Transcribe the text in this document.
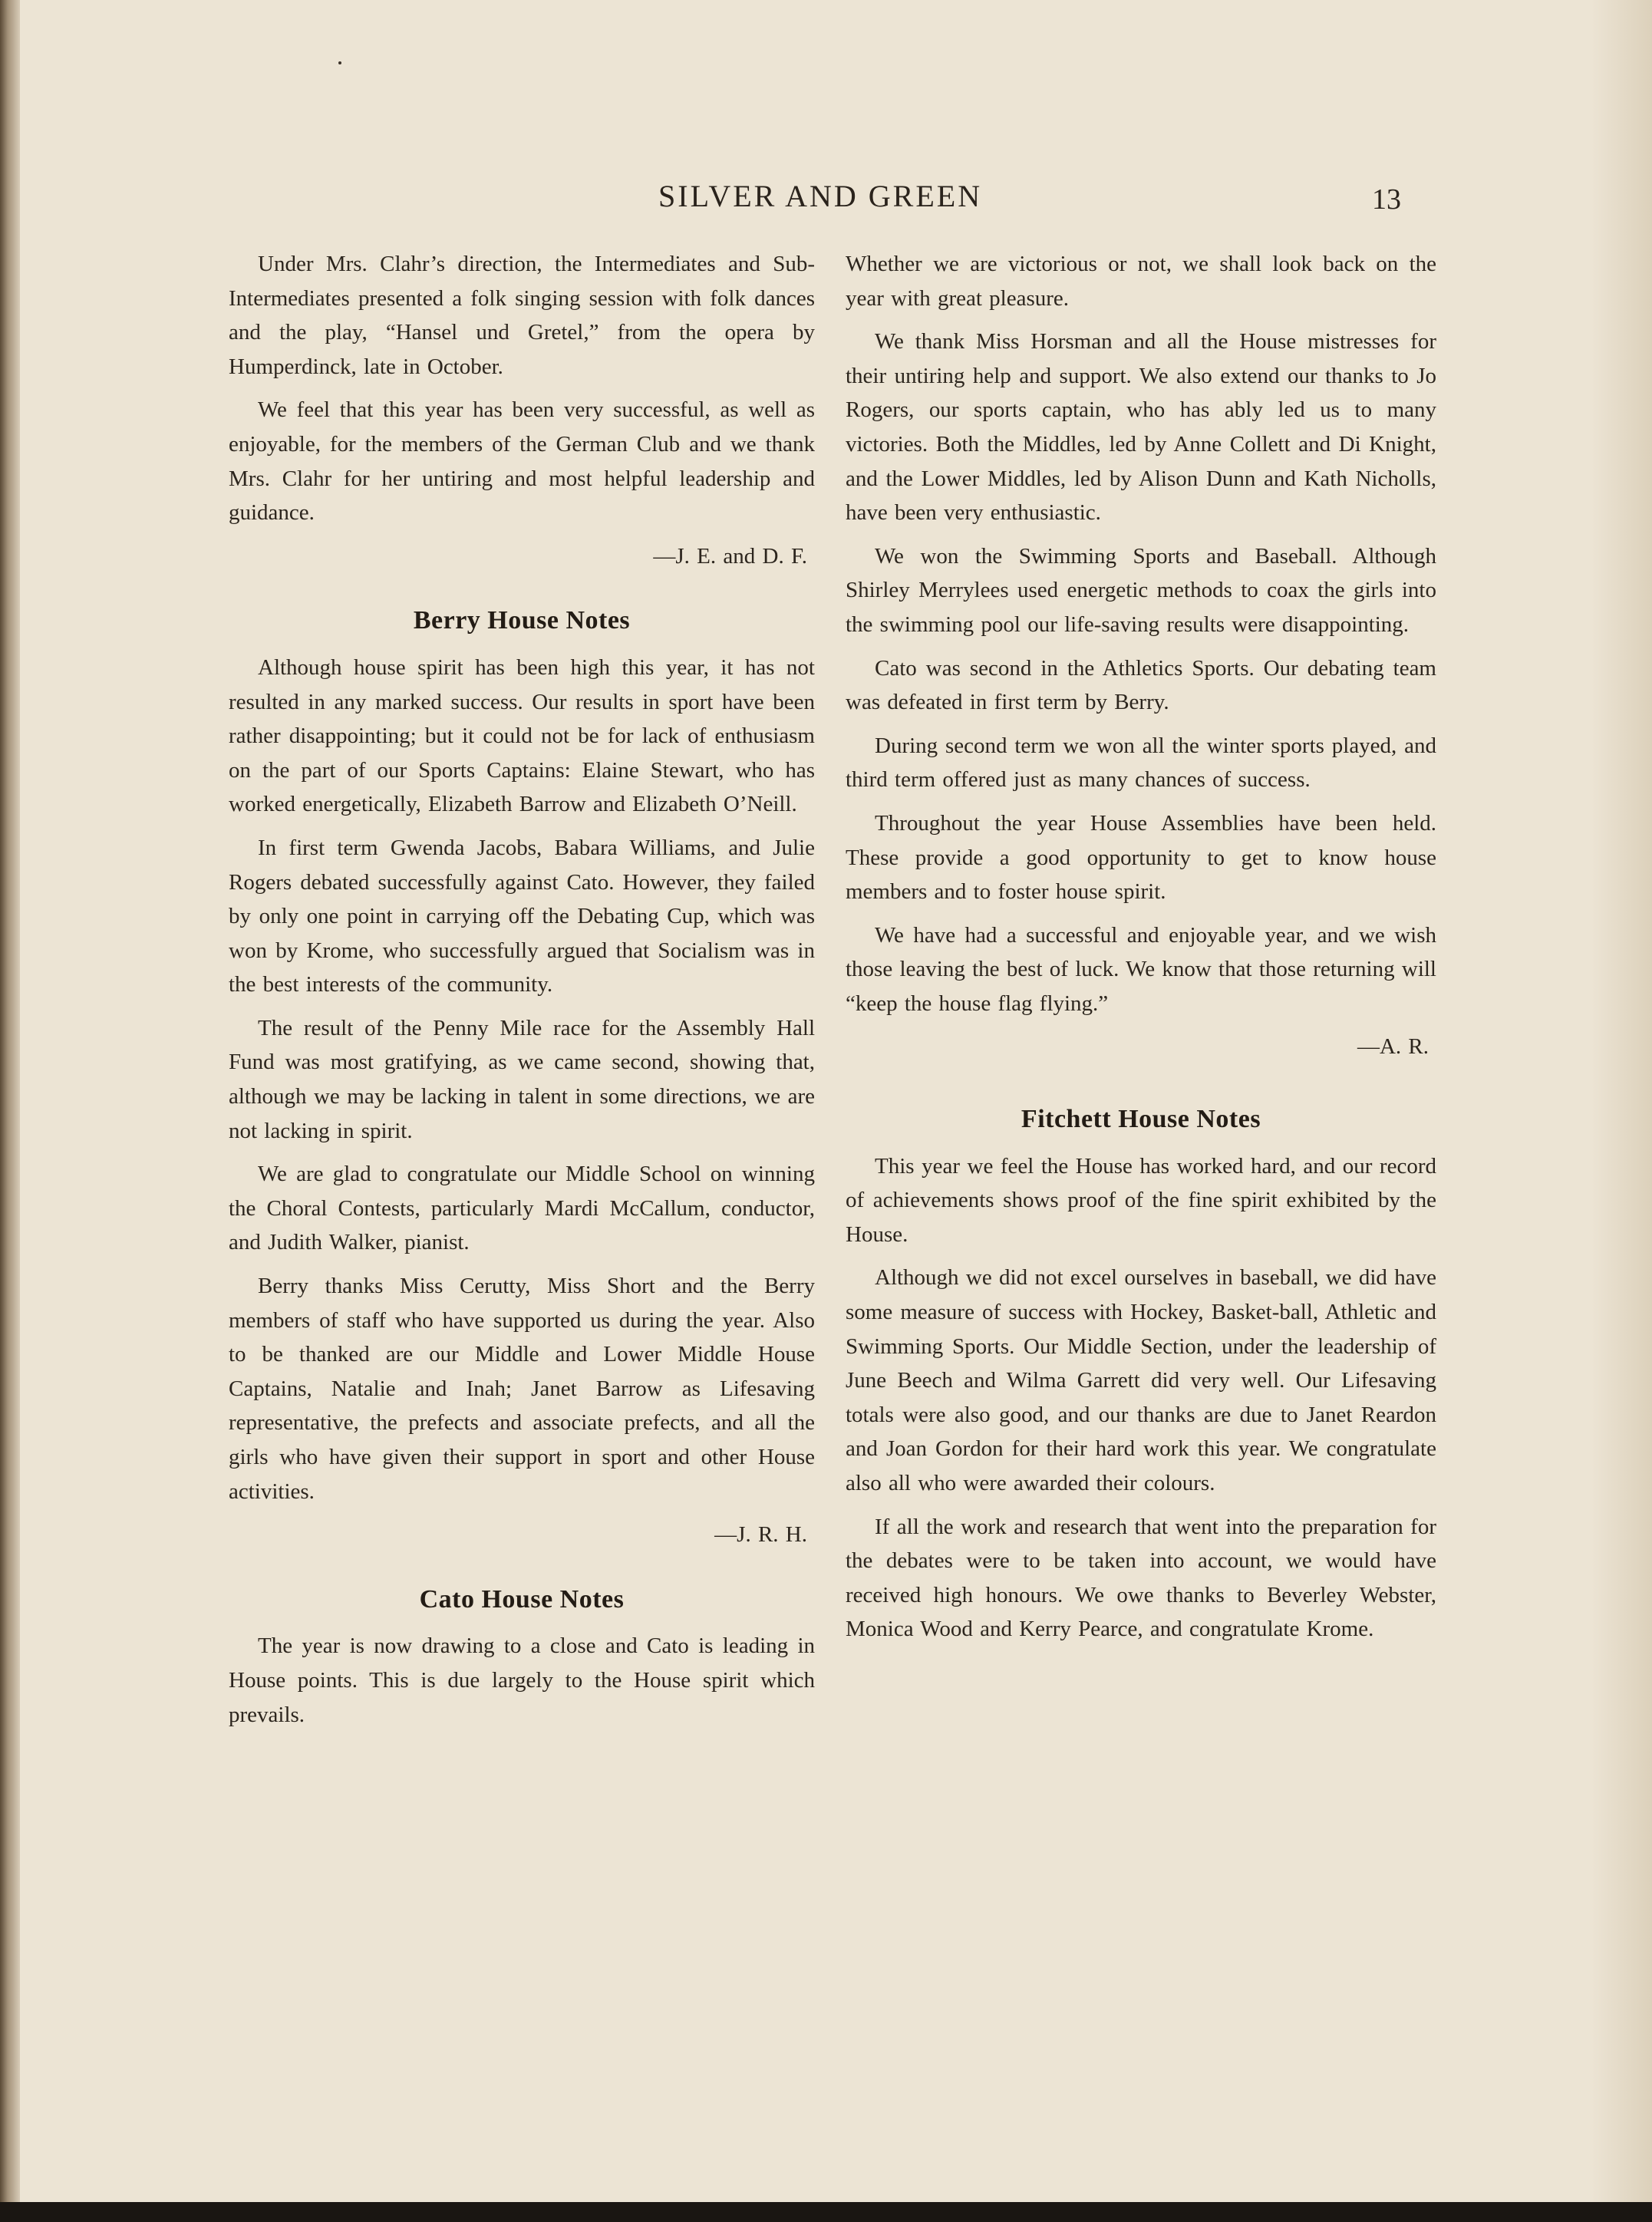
SILVER AND GREEN	13

Under Mrs. Clahr’s direction, the Intermediates and Sub-Intermediates presented a folk singing session with folk dances and the play, “Hansel und Gretel,” from the opera by Humperdinck, late in October.

We feel that this year has been very successful, as well as enjoyable, for the members of the German Club and we thank Mrs. Clahr for her untiring and most helpful leadership and guidance.

—J. E. and D. F.

Berry House Notes

Although house spirit has been high this year, it has not resulted in any marked success. Our results in sport have been rather disappointing; but it could not be for lack of enthusiasm on the part of our Sports Captains: Elaine Stewart, who has worked energetically, Elizabeth Barrow and Elizabeth O’Neill.

In first term Gwenda Jacobs, Babara Williams, and Julie Rogers debated successfully against Cato. However, they failed by only one point in carrying off the Debating Cup, which was won by Krome, who successfully argued that Socialism was in the best interests of the community.

The result of the Penny Mile race for the Assembly Hall Fund was most gratifying, as we came second, showing that, although we may be lacking in talent in some directions, we are not lacking in spirit.

We are glad to congratulate our Middle School on winning the Choral Contests, particularly Mardi McCallum, conductor, and Judith Walker, pianist.

Berry thanks Miss Cerutty, Miss Short and the Berry members of staff who have supported us during the year. Also to be thanked are our Middle and Lower Middle House Captains, Natalie and Inah; Janet Barrow as Lifesaving representative, the prefects and associate prefects, and all the girls who have given their support in sport and other House activities.

—J. R. H.

Cato House Notes

The year is now drawing to a close and Cato is leading in House points. This is due largely to the House spirit which prevails.

Whether we are victorious or not, we shall look back on the year with great pleasure.

We thank Miss Horsman and all the House mistresses for their untiring help and support. We also extend our thanks to Jo Rogers, our sports captain, who has ably led us to many victories. Both the Middles, led by Anne Collett and Di Knight, and the Lower Middles, led by Alison Dunn and Kath Nicholls, have been very enthusiastic.

We won the Swimming Sports and Baseball. Although Shirley Merrylees used energetic methods to coax the girls into the swimming pool our life-saving results were disappointing.

Cato was second in the Athletics Sports. Our debating team was defeated in first term by Berry.

During second term we won all the winter sports played, and third term offered just as many chances of success.

Throughout the year House Assemblies have been held. These provide a good opportunity to get to know house members and to foster house spirit.

We have had a successful and enjoyable year, and we wish those leaving the best of luck. We know that those returning will “keep the house flag flying.”

—A. R.

Fitchett House Notes

This year we feel the House has worked hard, and our record of achievements shows proof of the fine spirit exhibited by the House.

Although we did not excel ourselves in baseball, we did have some measure of success with Hockey, Basket-ball, Athletic and Swimming Sports. Our Middle Section, under the leadership of June Beech and Wilma Garrett did very well. Our Lifesaving totals were also good, and our thanks are due to Janet Reardon and Joan Gordon for their hard work this year. We congratulate also all who were awarded their colours.

If all the work and research that went into the preparation for the debates were to be taken into account, we would have received high honours. We owe thanks to Beverley Webster, Monica Wood and Kerry Pearce, and congratulate Krome.
